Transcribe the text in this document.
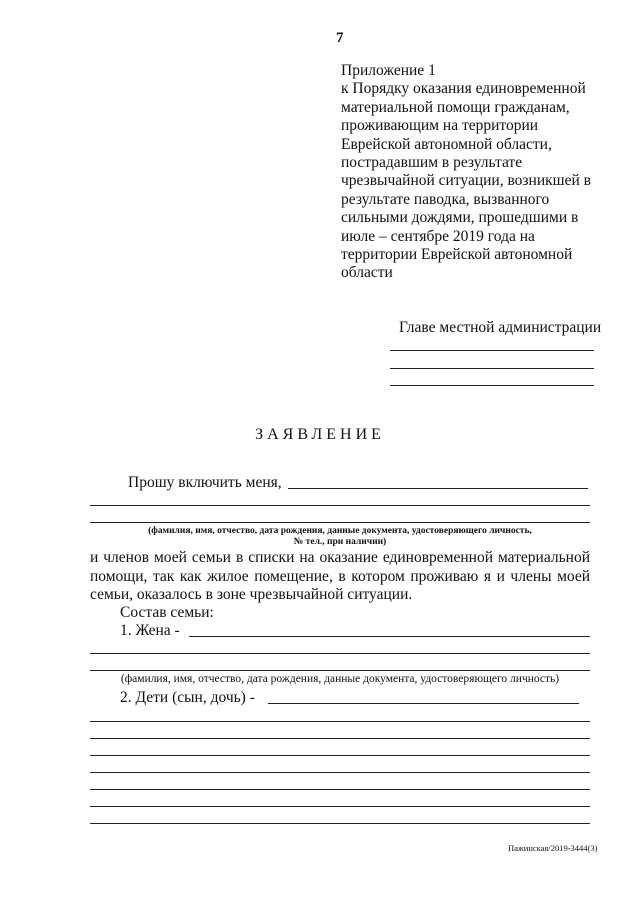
7
Приложение 1
к Порядку оказания единовременной
материальной помощи гражданам,
проживающим на территории
Еврейской автономной области,
пострадавшим в результате
чрезвычайной ситуации, возникшей в
результате паводка, вызванного
сильными дождями, прошедшими в
июле – сентябре 2019 года на
территории Еврейской автономной
области
Главе местной администрации
ЗАЯВЛЕНИЕ
Прошу включить меня,
(фамилия, имя, отчество, дата рождения, данные документа, удостоверяющего личность,
№ тел., при наличии)
и членов моей семьи в списки на оказание единовременной материальной
помощи, так как жилое помещение, в котором проживаю я и члены моей
семьи, оказалось в зоне чрезвычайной ситуации.
Состав семьи:
1. Жена -
(фамилия, имя, отчество, дата рождения, данные документа, удостоверяющего личность)
2. Дети (сын, дочь) -
Пажинская/2019-3444(3)
